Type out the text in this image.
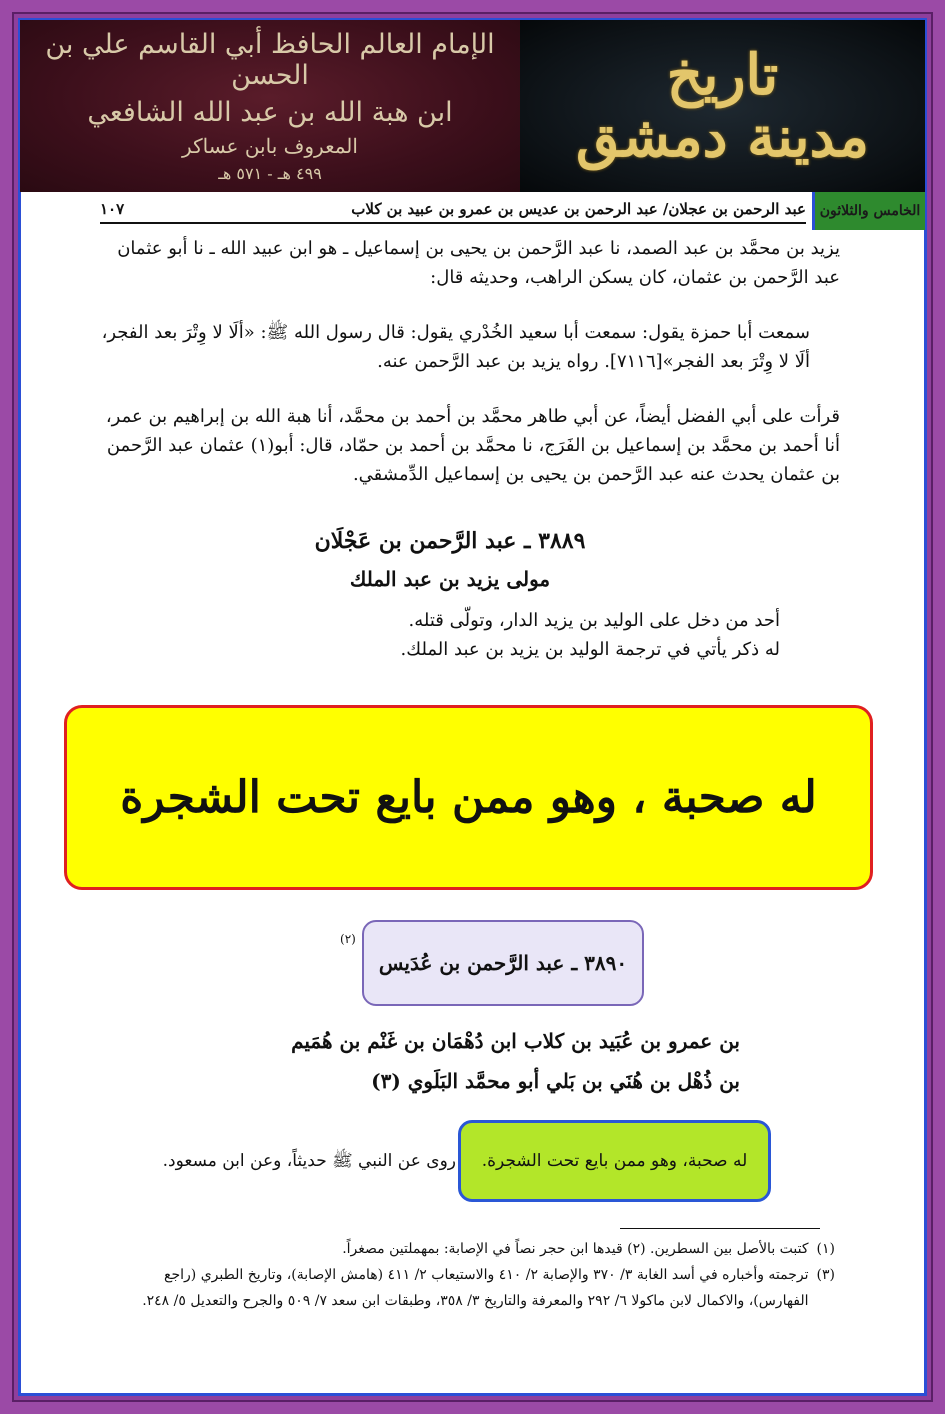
الإمام العالم الحافظ أبي القاسم علي بن الحسن
ابن هبة الله بن عبد الله الشافعي
المعروف بابن عساكر
٤٩٩ هـ - ٥٧١ هـ
تاريخ
مدينة دمشق
الخامس والثلاثون
عبد الرحمن بن عجلان/ عبد الرحمن بن عديس بن عمرو بن عبيد بن كلاب
١٠٧
يزيد بن محمَّد بن عبد الصمد، نا عبد الرَّحمن بن يحيى بن إسماعيل ـ هو ابن عبيد الله ـ نا أبو عثمان عبد الرَّحمن بن عثمان، كان يسكن الراهب، وحديثه قال:
سمعت أبا حمزة يقول: سمعت أبا سعيد الخُدْري يقول: قال رسول الله ﷺ: «ألَا لا وِتْرَ بعد الفجر، ألَا لا وِتْرَ بعد الفجر»[٧١١٦]. رواه يزيد بن عبد الرَّحمن عنه.
قرأت على أبي الفضل أيضاً، عن أبي طاهر محمَّد بن أحمد بن محمَّد، أنا هبة الله بن إبراهيم بن عمر، أنا أحمد بن محمَّد بن إسماعيل بن الفَرَج، نا محمَّد بن أحمد بن حمّاد، قال: أبو(١) عثمان عبد الرَّحمن بن عثمان يحدث عنه عبد الرَّحمن بن يحيى بن إسماعيل الدِّمشقي.
٣٨٨٩ ـ عبد الرَّحمن بن عَجْلَان
مولى يزيد بن عبد الملك
أحد من دخل على الوليد بن يزيد الدار، وتولّى قتله.
له ذكر يأتي في ترجمة الوليد بن يزيد بن عبد الملك.
له صحبة ، وهو ممن بايع تحت الشجرة
٣٨٩٠ ـ عبد الرَّحمن بن عُدَيس
(٢)
بن عمرو بن عُبَيد بن كلاب ابن دُهْمَان بن غَنْم بن هُمَيم
بن ذُهْل بن هُنَي بن بَلي أبو محمَّد البَلَوي (٣)
له صحبة، وهو ممن بايع تحت الشجرة.
روى عن النبي ﷺ حديثاً، وعن ابن مسعود.
(١)
كتبت بالأصل بين السطرين. (٢) قيدها ابن حجر نصاً في الإصابة: بمهملتين مصغراً.
(٣)
ترجمته وأخباره في أسد الغابة ٣/ ٣٧٠ والإصابة ٢/ ٤١٠ والاستيعاب ٢/ ٤١١ (هامش الإصابة)، وتاريخ الطبري (راجع الفهارس)، والاكمال لابن ماكولا ٦/ ٢٩٢ والمعرفة والتاريخ ٣/ ٣٥٨، وطبقات ابن سعد ٧/ ٥٠٩ والجرح والتعديل ٥/ ٢٤٨.
